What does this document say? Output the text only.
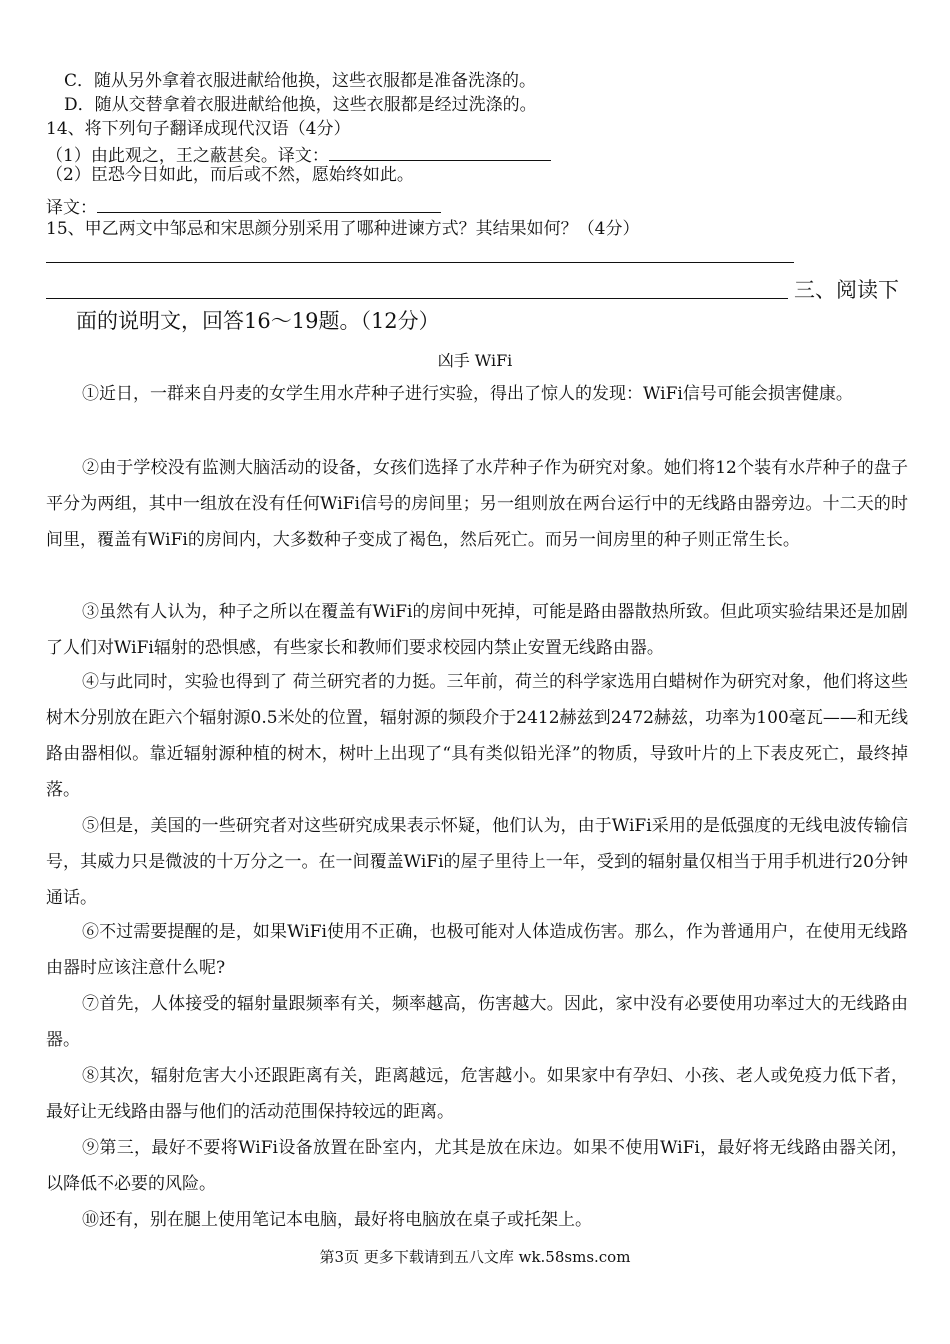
C．随从另外拿着衣服进献给他换，这些衣服都是准备洗涤的。
D．随从交替拿着衣服进献给他换，这些衣服都是经过洗涤的。
14、将下列句子翻译成现代汉语（4分）
（1）由此观之，王之蔽甚矣。译文：
（2）臣恐今日如此，而后或不然，愿始终如此。
译文：
15、甲乙两文中邹忌和宋思颜分别采用了哪种进谏方式？其结果如何？（4分）
三、阅读下
面的说明文，回答16～19题。（12分）
凶手 WiFi
①近日，一群来自丹麦的女学生用水芹种子进行实验，得出了惊人的发现：WiFi信号可能会损害健康。
②由于学校没有监测大脑活动的设备，女孩们选择了水芹种子作为研究对象。她们将12个装有水芹种子的盘子平分为两组，其中一组放在没有任何WiFi信号的房间里；另一组则放在两台运行中的无线路由器旁边。十二天的时间里，覆盖有WiFi的房间内，大多数种子变成了褐色，然后死亡。而另一间房里的种子则正常生长。
③虽然有人认为，种子之所以在覆盖有WiFi的房间中死掉，可能是路由器散热所致。但此项实验结果还是加剧了人们对WiFi辐射的恐惧感，有些家长和教师们要求校园内禁止安置无线路由器。
④与此同时，实验也得到了 荷兰研究者的力挺。三年前，荷兰的科学家选用白蜡树作为研究对象，他们将这些树木分别放在距六个辐射源0.5米处的位置，辐射源的频段介于2412赫兹到2472赫兹，功率为100毫瓦——和无线路由器相似。靠近辐射源种植的树木，树叶上出现了“具有类似铅光泽”的物质，导致叶片的上下表皮死亡，最终掉落。
⑤但是，美国的一些研究者对这些研究成果表示怀疑，他们认为，由于WiFi采用的是低强度的无线电波传输信号，其威力只是微波的十万分之一。在一间覆盖WiFi的屋子里待上一年，受到的辐射量仅相当于用手机进行20分钟通话。
⑥不过需要提醒的是，如果WiFi使用不正确，也极可能对人体造成伤害。那么，作为普通用户，在使用无线路由器时应该注意什么呢?
⑦首先，人体接受的辐射量跟频率有关，频率越高，伤害越大。因此，家中没有必要使用功率过大的无线路由器。
⑧其次，辐射危害大小还跟距离有关，距离越远，危害越小。如果家中有孕妇、小孩、老人或免疫力低下者，最好让无线路由器与他们的活动范围保持较远的距离。
⑨第三，最好不要将WiFi设备放置在卧室内，尤其是放在床边。如果不使用WiFi，最好将无线路由器关闭，以降低不必要的风险。
⑩还有，别在腿上使用笔记本电脑，最好将电脑放在桌子或托架上。
第3页 更多下载请到五八文库 wk.58sms.com
